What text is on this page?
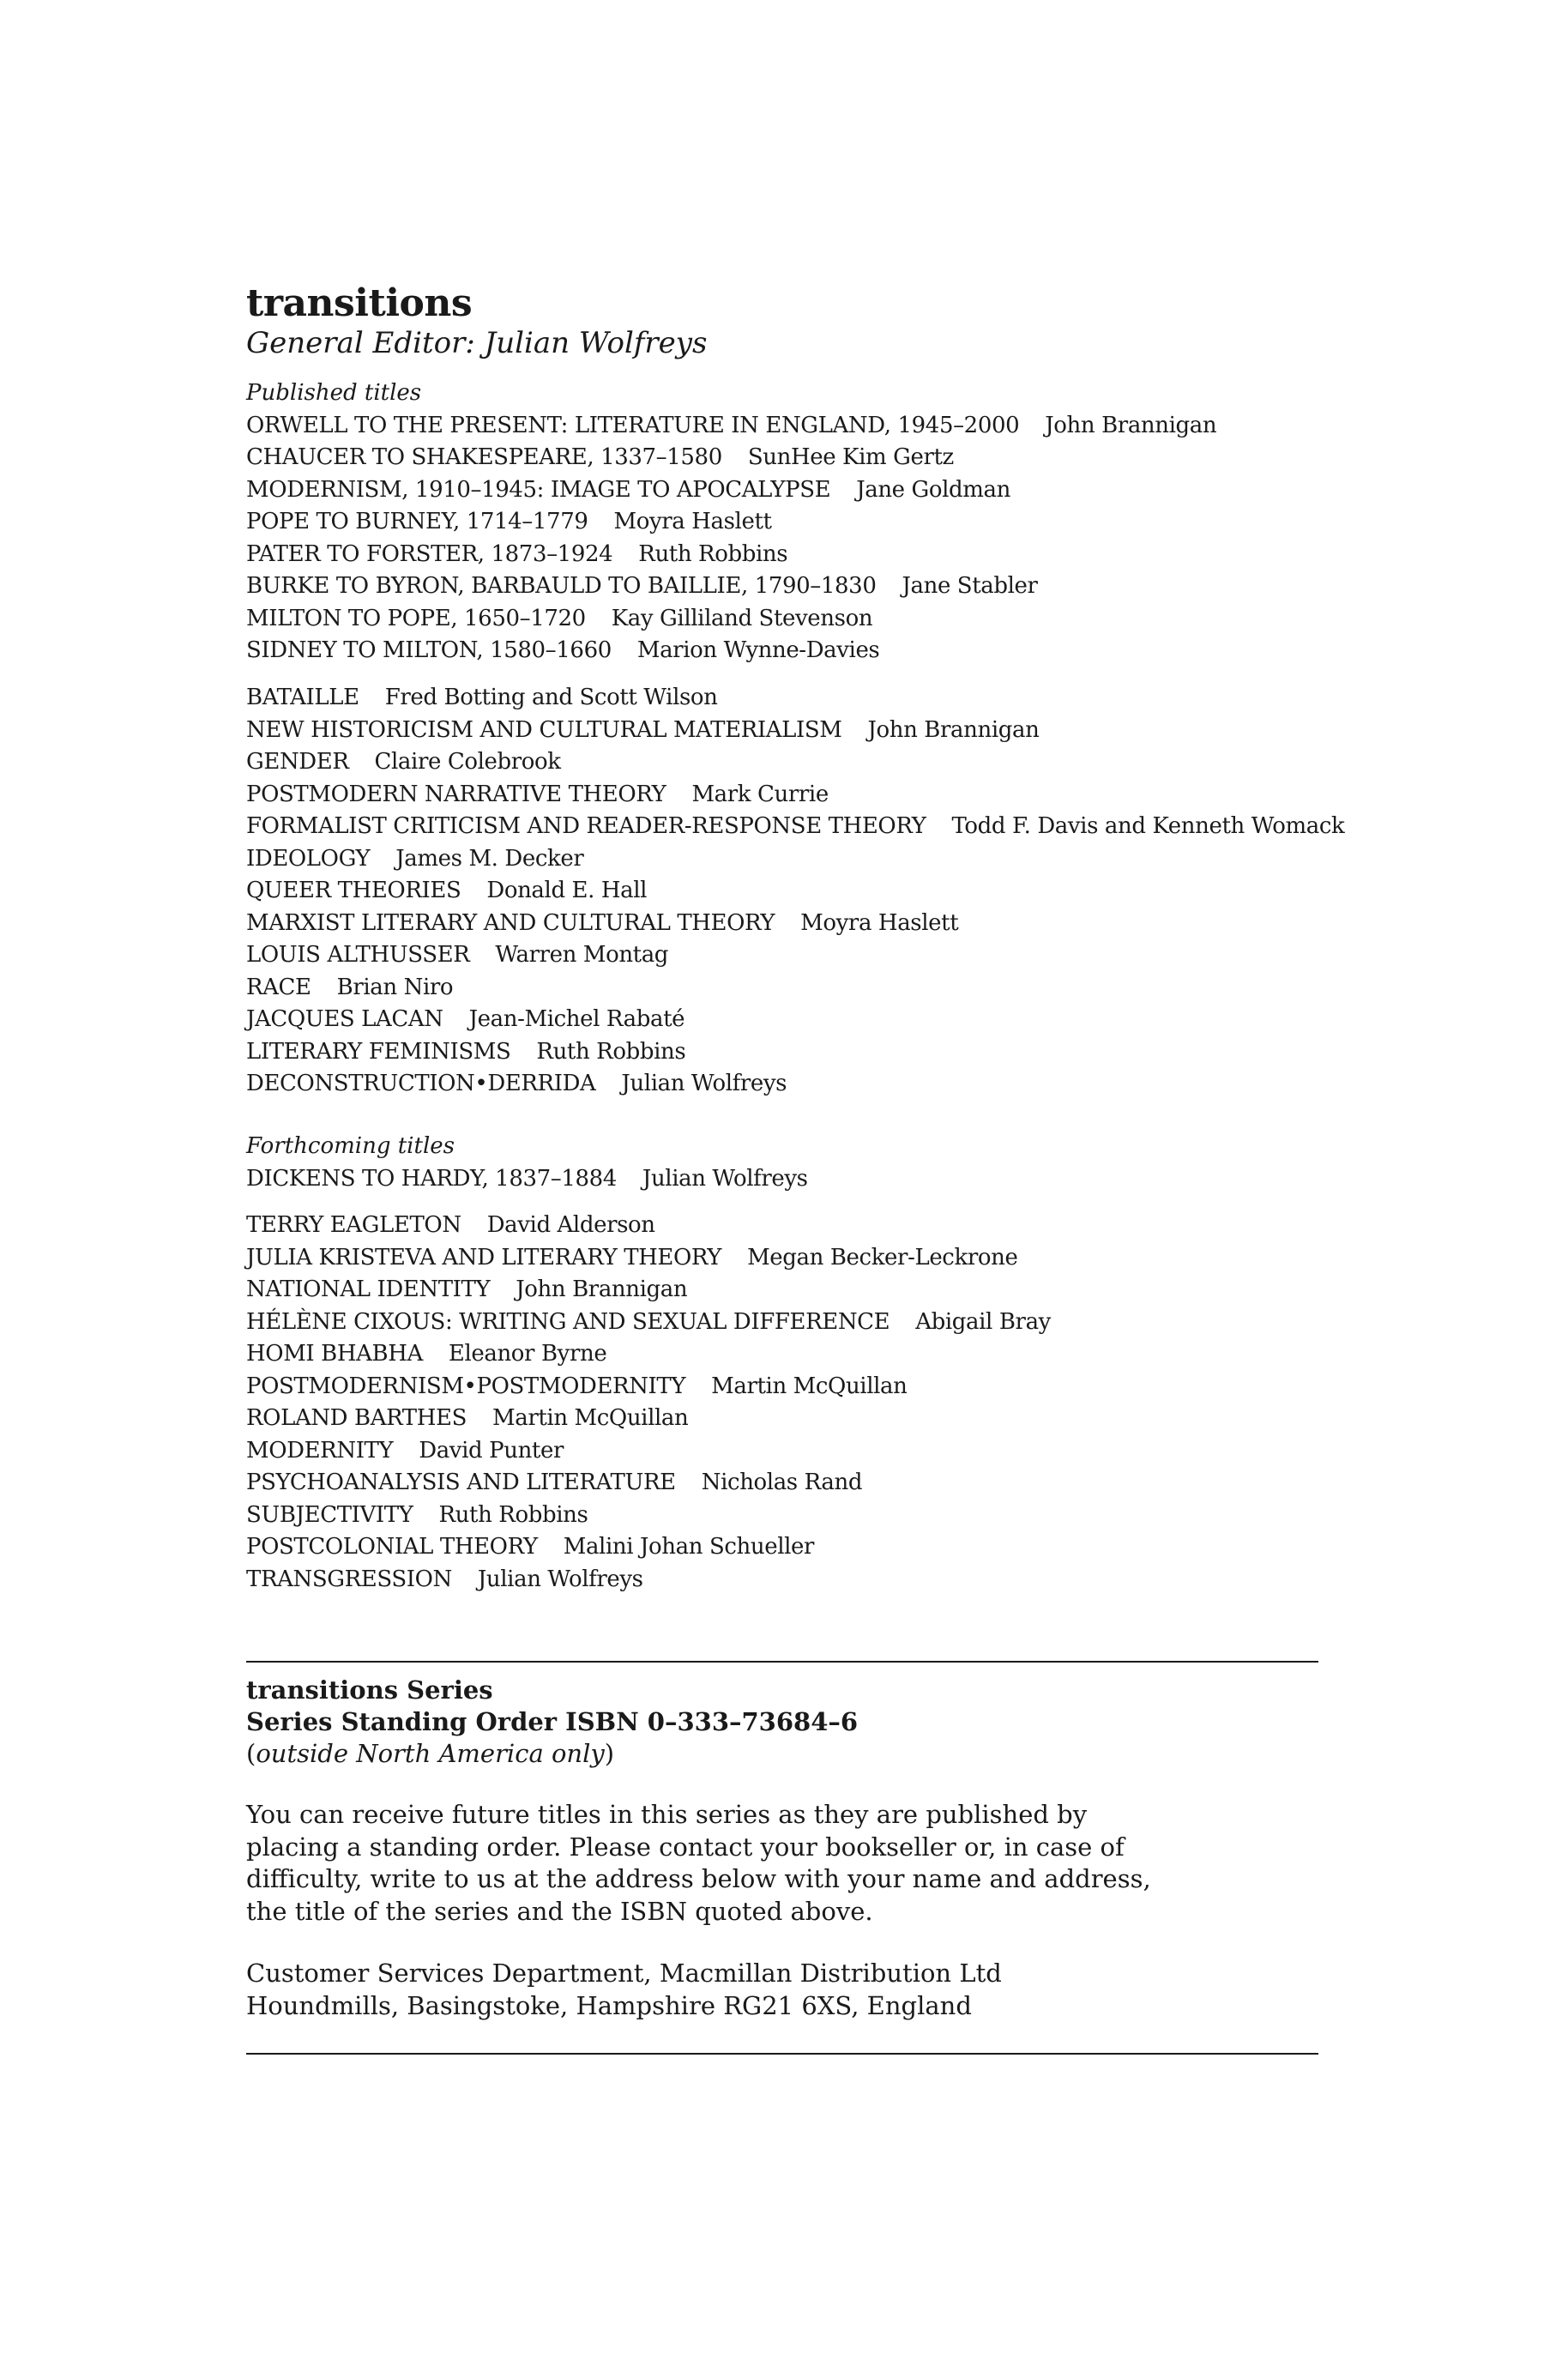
transitions
General Editor: Julian Wolfreys
Published titles
ORWELL TO THE PRESENT: LITERATURE IN ENGLAND, 1945–2000 John Brannigan
CHAUCER TO SHAKESPEARE, 1337–1580 SunHee Kim Gertz
MODERNISM, 1910–1945: IMAGE TO APOCALYPSE Jane Goldman
POPE TO BURNEY, 1714–1779 Moyra Haslett
PATER TO FORSTER, 1873–1924 Ruth Robbins
BURKE TO BYRON, BARBAULD TO BAILLIE, 1790–1830 Jane Stabler
MILTON TO POPE, 1650–1720 Kay Gilliland Stevenson
SIDNEY TO MILTON, 1580–1660 Marion Wynne-Davies
BATAILLE Fred Botting and Scott Wilson
NEW HISTORICISM AND CULTURAL MATERIALISM John Brannigan
GENDER Claire Colebrook
POSTMODERN NARRATIVE THEORY Mark Currie
FORMALIST CRITICISM AND READER-RESPONSE THEORY Todd F. Davis and Kenneth Womack
IDEOLOGY James M. Decker
QUEER THEORIES Donald E. Hall
MARXIST LITERARY AND CULTURAL THEORY Moyra Haslett
LOUIS ALTHUSSER Warren Montag
RACE Brian Niro
JACQUES LACAN Jean-Michel Rabaté
LITERARY FEMINISMS Ruth Robbins
DECONSTRUCTION•DERRIDA Julian Wolfreys
Forthcoming titles
DICKENS TO HARDY, 1837–1884 Julian Wolfreys
TERRY EAGLETON David Alderson
JULIA KRISTEVA AND LITERARY THEORY Megan Becker-Leckrone
NATIONAL IDENTITY John Brannigan
HÉLÈNE CIXOUS: WRITING AND SEXUAL DIFFERENCE Abigail Bray
HOMI BHABHA Eleanor Byrne
POSTMODERNISM•POSTMODERNITY Martin McQuillan
ROLAND BARTHES Martin McQuillan
MODERNITY David Punter
PSYCHOANALYSIS AND LITERATURE Nicholas Rand
SUBJECTIVITY Ruth Robbins
POSTCOLONIAL THEORY Malini Johan Schueller
TRANSGRESSION Julian Wolfreys
transitions Series
Series Standing Order ISBN 0–333–73684–6
(outside North America only)
You can receive future titles in this series as they are published by
placing a standing order. Please contact your bookseller or, in case of
difficulty, write to us at the address below with your name and address,
the title of the series and the ISBN quoted above.
Customer Services Department, Macmillan Distribution Ltd
Houndmills, Basingstoke, Hampshire RG21 6XS, England
